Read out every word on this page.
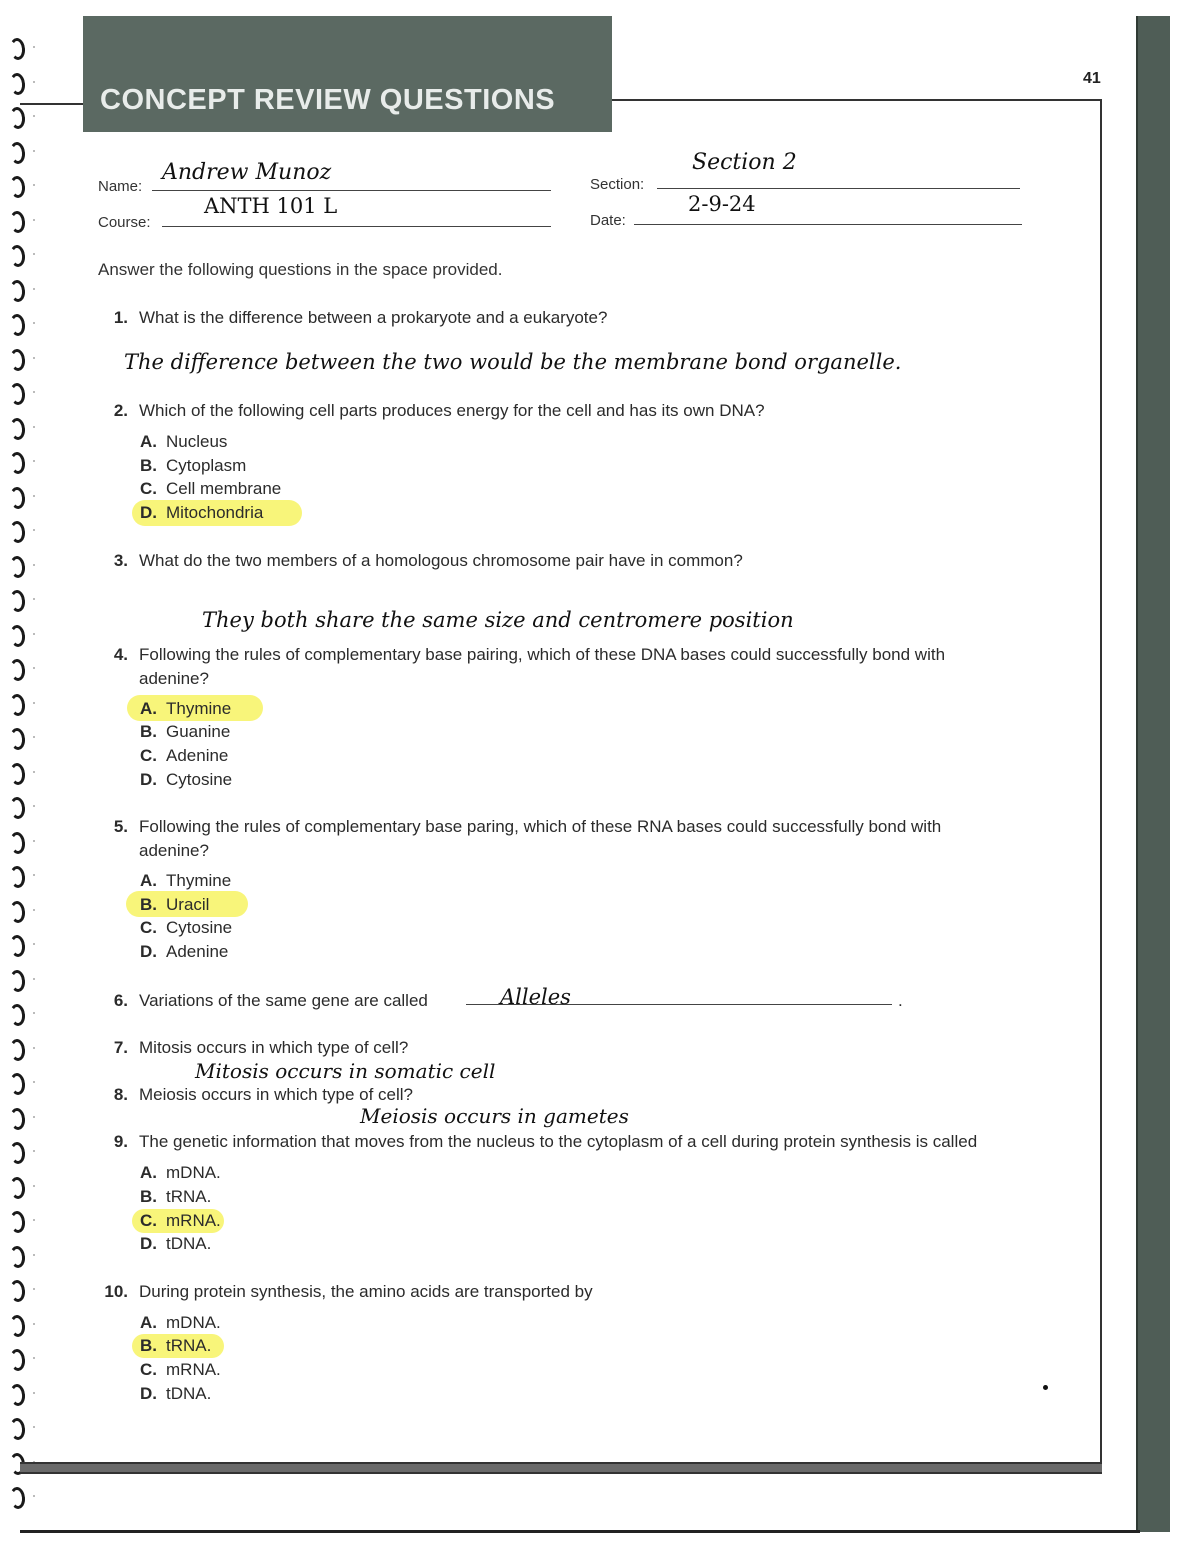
CONCEPT REVIEW QUESTIONS
41
Name:
Andrew Munoz
Course:
ANTH 101 L
Section:
Section 2
Date:
2-9-24
Answer the following questions in the space provided.
1. What is the difference between a prokaryote and a eukaryote?
The difference between the two would be the membrane bond organelle.
2. Which of the following cell parts produces energy for the cell and has its own DNA?
A. Nucleus
B. Cytoplasm
C. Cell membrane
D. Mitochondria
3. What do the two members of a homologous chromosome pair have in common?
They both share the same size and centromere position
4. Following the rules of complementary base pairing, which of these DNA bases could successfully bond with
adenine?
A. Thymine
B. Guanine
C. Adenine
D. Cytosine
5. Following the rules of complementary base paring, which of these RNA bases could successfully bond with
adenine?
A. Thymine
B. Uracil
C. Cytosine
D. Adenine
6. Variations of the same gene are called	.
Alleles
7. Mitosis occurs in which type of cell?
Mitosis occurs in somatic cell
8. Meiosis occurs in which type of cell?
Meiosis occurs in gametes
9. The genetic information that moves from the nucleus to the cytoplasm of a cell during protein synthesis is called
A. mDNA.
B. tRNA.
C. mRNA.
D. tDNA.
10. During protein synthesis, the amino acids are transported by
A. mDNA.
B. tRNA.
C. mRNA.
D. tDNA.
